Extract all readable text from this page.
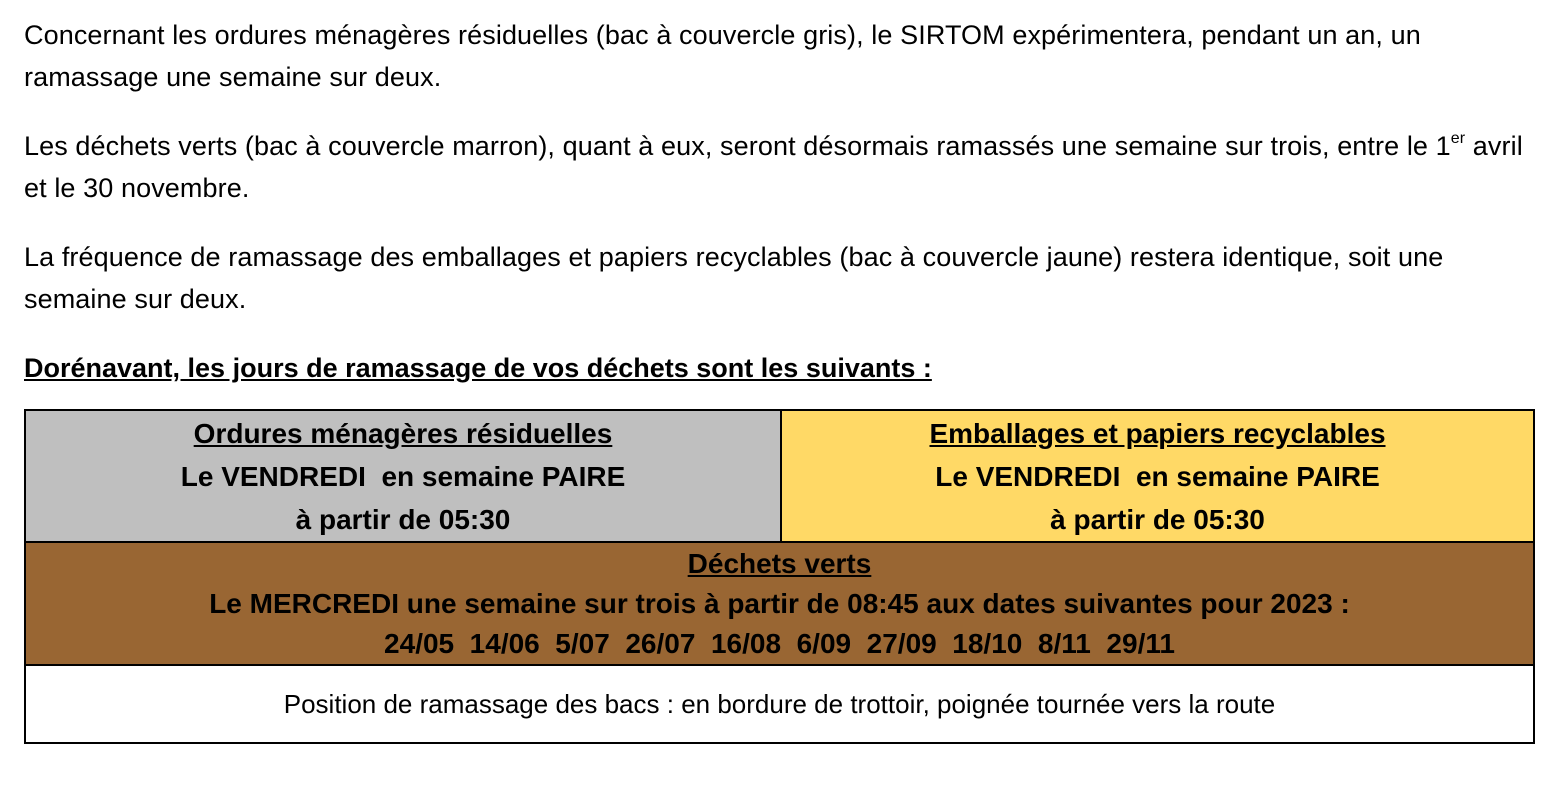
Concernant les ordures ménagères résiduelles (bac à couvercle gris), le SIRTOM expérimentera, pendant un an, un ramassage une semaine sur deux.

Les déchets verts (bac à couvercle marron), quant à eux, seront désormais ramassés une semaine sur trois, entre le 1er avril et le 30 novembre.

La fréquence de ramassage des emballages et papiers recyclables (bac à couvercle jaune) restera identique, soit une semaine sur deux.

Dorénavant, les jours de ramassage de vos déchets sont les suivants :

Ordures ménagères résiduelles
Le VENDREDI  en semaine PAIRE
à partir de 05:30

Emballages et papiers recyclables
Le VENDREDI  en semaine PAIRE
à partir de 05:30

Déchets verts
Le MERCREDI une semaine sur trois à partir de 08:45 aux dates suivantes pour 2023 :
24/05  14/06  5/07  26/07  16/08  6/09  27/09  18/10  8/11  29/11

Position de ramassage des bacs : en bordure de trottoir, poignée tournée vers la route
